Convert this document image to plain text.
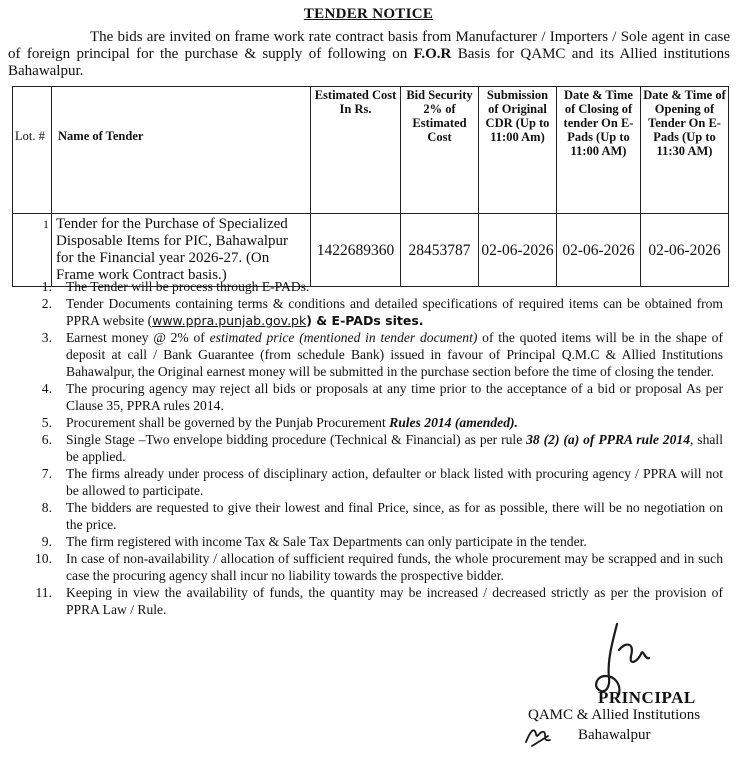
TENDER NOTICE
The bids are invited on frame work rate contract basis from Manufacturer / Importers / Sole agent in case of foreign principal for the purchase & supply of following on F.O.R Basis for QAMC and its Allied institutions Bahawalpur.
Lot. #	Name of Tender	Estimated Cost In Rs.	Bid Security 2% of Estimated Cost	Submission of Original CDR (Up to 11:00 Am)	Date & Time of Closing of tender On E-Pads (Up to 11:00 AM)	Date & Time of Opening of Tender On E-Pads (Up to 11:30 AM)
1	Tender for the Purchase of Specialized Disposable Items for PIC, Bahawalpur for the Financial year 2026-27. (On Frame work Contract basis.)	1422689360	28453787	02-06-2026	02-06-2026	02-06-2026
1.	The Tender will be process through E-PADs.
2.	Tender Documents containing terms & conditions and detailed specifications of required items can be obtained from PPRA website (www.ppra.punjab.gov.pk) & E-PADs sites.
3.	Earnest money @ 2% of estimated price (mentioned in tender document) of the quoted items will be in the shape of deposit at call / Bank Guarantee (from schedule Bank) issued in favour of Principal Q.M.C & Allied Institutions Bahawalpur, the Original earnest money will be submitted in the purchase section before the time of closing the tender.
4.	The procuring agency may reject all bids or proposals at any time prior to the acceptance of a bid or proposal As per Clause 35, PPRA rules 2014.
5.	Procurement shall be governed by the Punjab Procurement Rules 2014 (amended).
6.	Single Stage –Two envelope bidding procedure (Technical & Financial) as per rule 38 (2) (a) of PPRA rule 2014, shall be applied.
7.	The firms already under process of disciplinary action, defaulter or black listed with procuring agency / PPRA will not be allowed to participate.
8.	The bidders are requested to give their lowest and final Price, since, as for as possible, there will be no negotiation on the price.
9.	The firm registered with income Tax & Sale Tax Departments can only participate in the tender.
10.	In case of non-availability / allocation of sufficient required funds, the whole procurement may be scrapped and in such case the procuring agency shall incur no liability towards the prospective bidder.
11.	Keeping in view the availability of funds, the quantity may be increased / decreased strictly as per the provision of PPRA Law / Rule.
PRINCIPAL
QAMC & Allied Institutions
Bahawalpur
